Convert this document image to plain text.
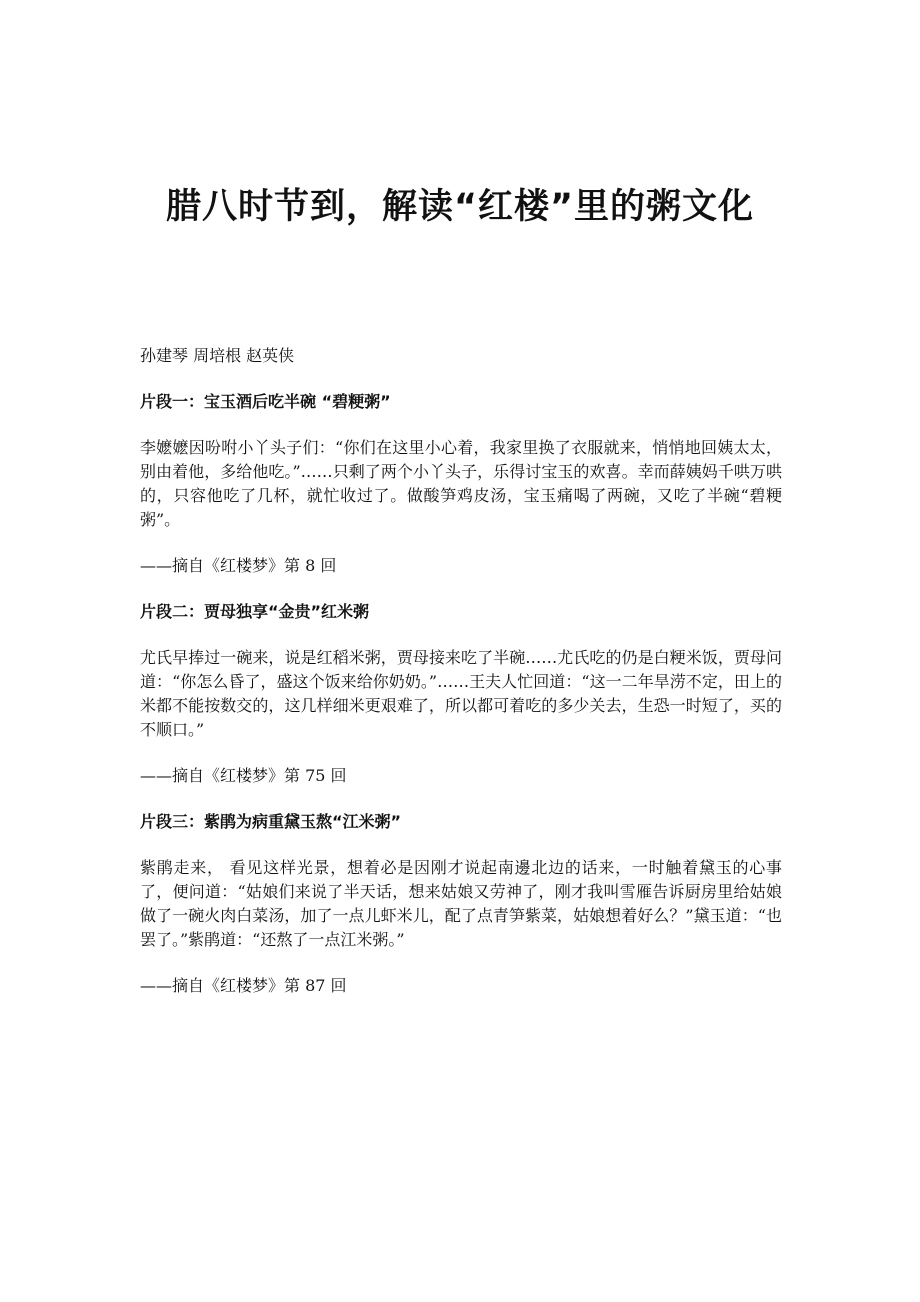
腊八时节到，解读“红楼”里的粥文化

孙建琴 周培根 赵英侠

片段一：宝玉酒后吃半碗 “碧粳粥”

李嬷嬷因吩咐小丫头子们：“你们在这里小心着，我家里换了衣服就来，悄悄地回姨太太，别由着他，多给他吃。”……只剩了两个小丫头子，乐得讨宝玉的欢喜。幸而薛姨妈千哄万哄的，只容他吃了几杯，就忙收过了。做酸笋鸡皮汤，宝玉痛喝了两碗，又吃了半碗“碧粳粥”。

——摘自《红楼梦》第 8 回

片段二：贾母独享“金贵”红米粥

尤氏早捧过一碗来，说是红稻米粥，贾母接来吃了半碗……尤氏吃的仍是白粳米饭，贾母问道：“你怎么昏了，盛这个饭来给你奶奶。”……王夫人忙回道：“这一二年旱涝不定，田上的米都不能按数交的，这几样细米更艰难了，所以都可着吃的多少关去，生恐一时短了，买的不顺口。”

——摘自《红楼梦》第 75 回

片段三：紫鹃为病重黛玉熬“江米粥”

紫鹃走来， 看见这样光景，想着必是因刚才说起南邊北边的话来，一时触着黛玉的心事了，便问道：“姑娘们来说了半天话，想来姑娘又劳神了，刚才我叫雪雁告诉厨房里给姑娘做了一碗火肉白菜汤，加了一点儿虾米儿，配了点青笋紫菜，姑娘想着好么？”黛玉道：“也罢了。”紫鹃道：“还熬了一点江米粥。”

——摘自《红楼梦》第 87 回
